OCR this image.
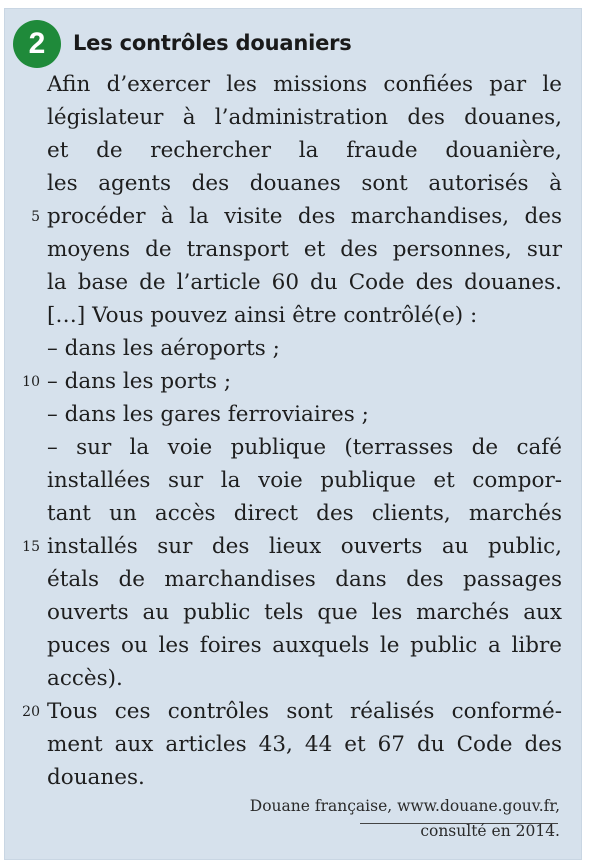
2	Les contrôles douaniers
Afin d’exercer les missions confiées par le
législateur à l’administration des douanes,
et de rechercher la fraude douanière,
les agents des douanes sont autorisés à
procéder à la visite des marchandises, des
moyens de transport et des personnes, sur
la base de l’article 60 du Code des douanes.
[…] Vous pouvez ainsi être contrôlé(e) :
– dans les aéroports ;
– dans les ports ;
– dans les gares ferroviaires ;
– sur la voie publique (terrasses de café
installées sur la voie publique et compor-
tant un accès direct des clients, marchés
installés sur des lieux ouverts au public,
étals de marchandises dans des passages
ouverts au public tels que les marchés aux
puces ou les foires auxquels le public a libre
accès).
Tous ces contrôles sont réalisés conformé-
ment aux articles 43, 44 et 67 du Code des
douanes.
5
10
15
20
Douane française, www.douane.gouv.fr,
consulté en 2014.
